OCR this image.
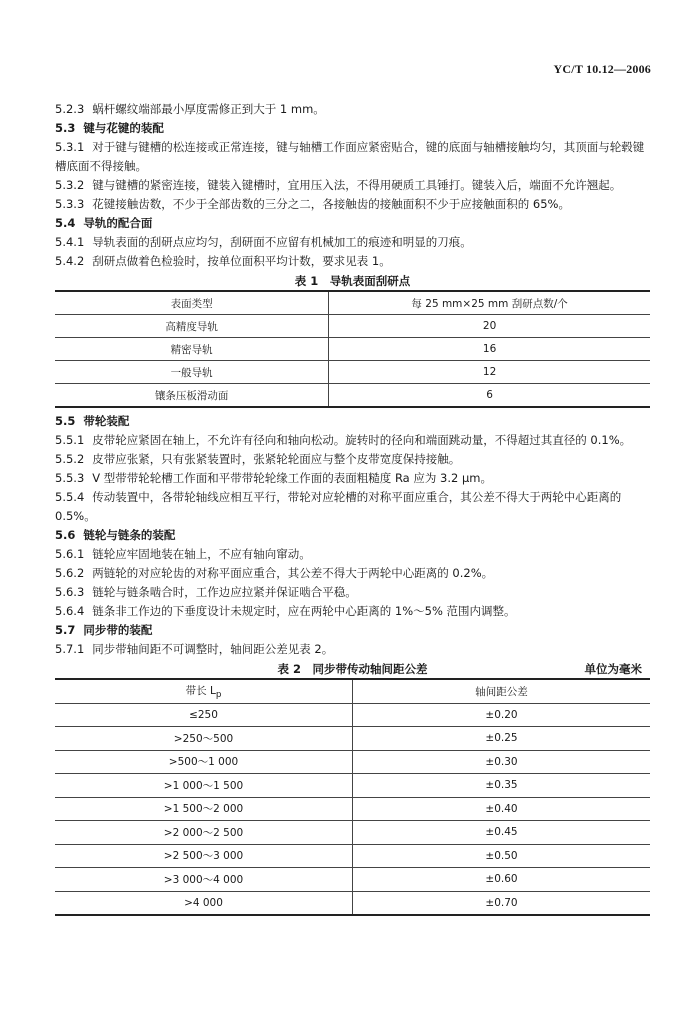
YC/T 10.12—2006
5.2.3 蜗杆螺纹端部最小厚度需修正到大于 1 mm。
5.3 键与花键的装配
5.3.1 对于键与键槽的松连接或正常连接，键与轴槽工作面应紧密贴合，键的底面与轴槽接触均匀，其顶面与轮毂键槽底面不得接触。
5.3.2 键与键槽的紧密连接，键装入键槽时，宜用压入法，不得用硬质工具锤打。键装入后，端面不允许翘起。
5.3.3 花键接触齿数，不少于全部齿数的三分之二，各接触齿的接触面积不少于应接触面积的 65%。
5.4 导轨的配合面
5.4.1 导轨表面的刮研点应均匀，刮研面不应留有机械加工的痕迹和明显的刀痕。
5.4.2 刮研点做着色检验时，按单位面积平均计数，要求见表 1。
表 1　导轨表面刮研点
表面类型	每 25 mm×25 mm 刮研点数/个
高精度导轨	20
精密导轨	16
一般导轨	12
镶条压板滑动面	6
5.5 带轮装配
5.5.1 皮带轮应紧固在轴上，不允许有径向和轴向松动。旋转时的径向和端面跳动量，不得超过其直径的 0.1%。
5.5.2 皮带应张紧，只有张紧装置时，张紧轮轮面应与整个皮带宽度保持接触。
5.5.3 V 型带带轮轮槽工作面和平带带轮轮缘工作面的表面粗糙度 Ra 应为 3.2 μm。
5.5.4 传动装置中，各带轮轴线应相互平行，带轮对应轮槽的对称平面应重合，其公差不得大于两轮中心距离的 0.5%。
5.6 链轮与链条的装配
5.6.1 链轮应牢固地装在轴上，不应有轴向窜动。
5.6.2 两链轮的对应轮齿的对称平面应重合，其公差不得大于两轮中心距离的 0.2%。
5.6.3 链轮与链条啮合时，工作边应拉紧并保证啮合平稳。
5.6.4 链条非工作边的下垂度设计未规定时，应在两轮中心距离的 1%～5% 范围内调整。
5.7 同步带的装配
5.7.1 同步带轴间距不可调整时，轴间距公差见表 2。
表 2　同步带传动轴间距公差	单位为毫米
带长 $L_p$	轴间距公差
≤250	±0.20
>250～500	±0.25
>500～1 000	±0.30
>1 000～1 500	±0.35
>1 500～2 000	±0.40
>2 000～2 500	±0.45
>2 500～3 000	±0.50
>3 000～4 000	±0.60
>4 000	±0.70
